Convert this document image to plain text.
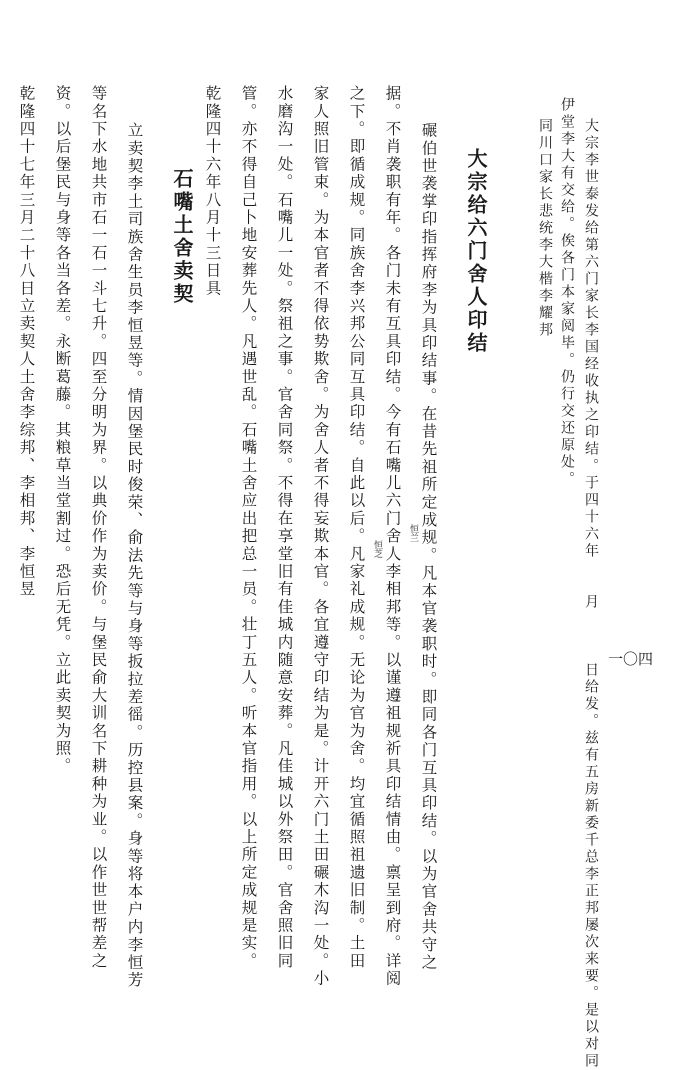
一〇四
大宗李世泰发给第六门家长李国经收执之印结。于四十六年　　月　　　日给发。兹有五房新委千总李正邦屡次来要。是以对同
伊堂李大有交给。俟各门本家阅毕。仍行交还原处。
同川口家长悲统李大楷李耀邦
大宗给六门舍人印结
碾伯世袭掌印指挥府李为具印结事。在昔先祖所定成规。凡本官袭职时。即同各门互具印结。以为官舍共守之
据。不肖袭职有年。各门未有互具印结。今有石嘴儿六门舍人李相邦等。以谨遵祖规祈具印结情由。禀呈到府。详阅
之下。即循成规。同族舍李兴邦公同互具印结。自此以后。凡家礼成规。无论为官为舍。均宜循照祖遗旧制。土田
家人照旧管束。为本官者不得依势欺舍。为舍人者不得妄欺本官。各宜遵守印结为是。计开六门土田碾木沟一处。小
水磨沟一处。石嘴儿一处。祭祖之事。官舍同祭。不得在享堂旧有佳城内随意安葬。凡佳城以外祭田。官舍照旧同
管。亦不得自己卜地安葬先人。凡遇世乱。石嘴土舍应出把总一员。壮丁五人。听本官指用。以上所定成规是实。
乾隆四十六年八月十三日具
恒兰
恒芝
石嘴土舍卖契
立卖契李土司族舍生员李恒昱等。情因堡民时俊荣、俞法先等与身等扳拉差徭。历控县案。身等将本户内李恒芳
等名下水地共市石一石一斗七升。四至分明为界。以典价作为卖价。与堡民俞大训名下耕种为业。以作世世帮差之
资。以后堡民与身等各当各差。永断葛藤。其粮草当堂割过。恐后无凭。立此卖契为照。
乾隆四十七年三月二十八日立卖契人土舍李综邦、李相邦、李恒昱
